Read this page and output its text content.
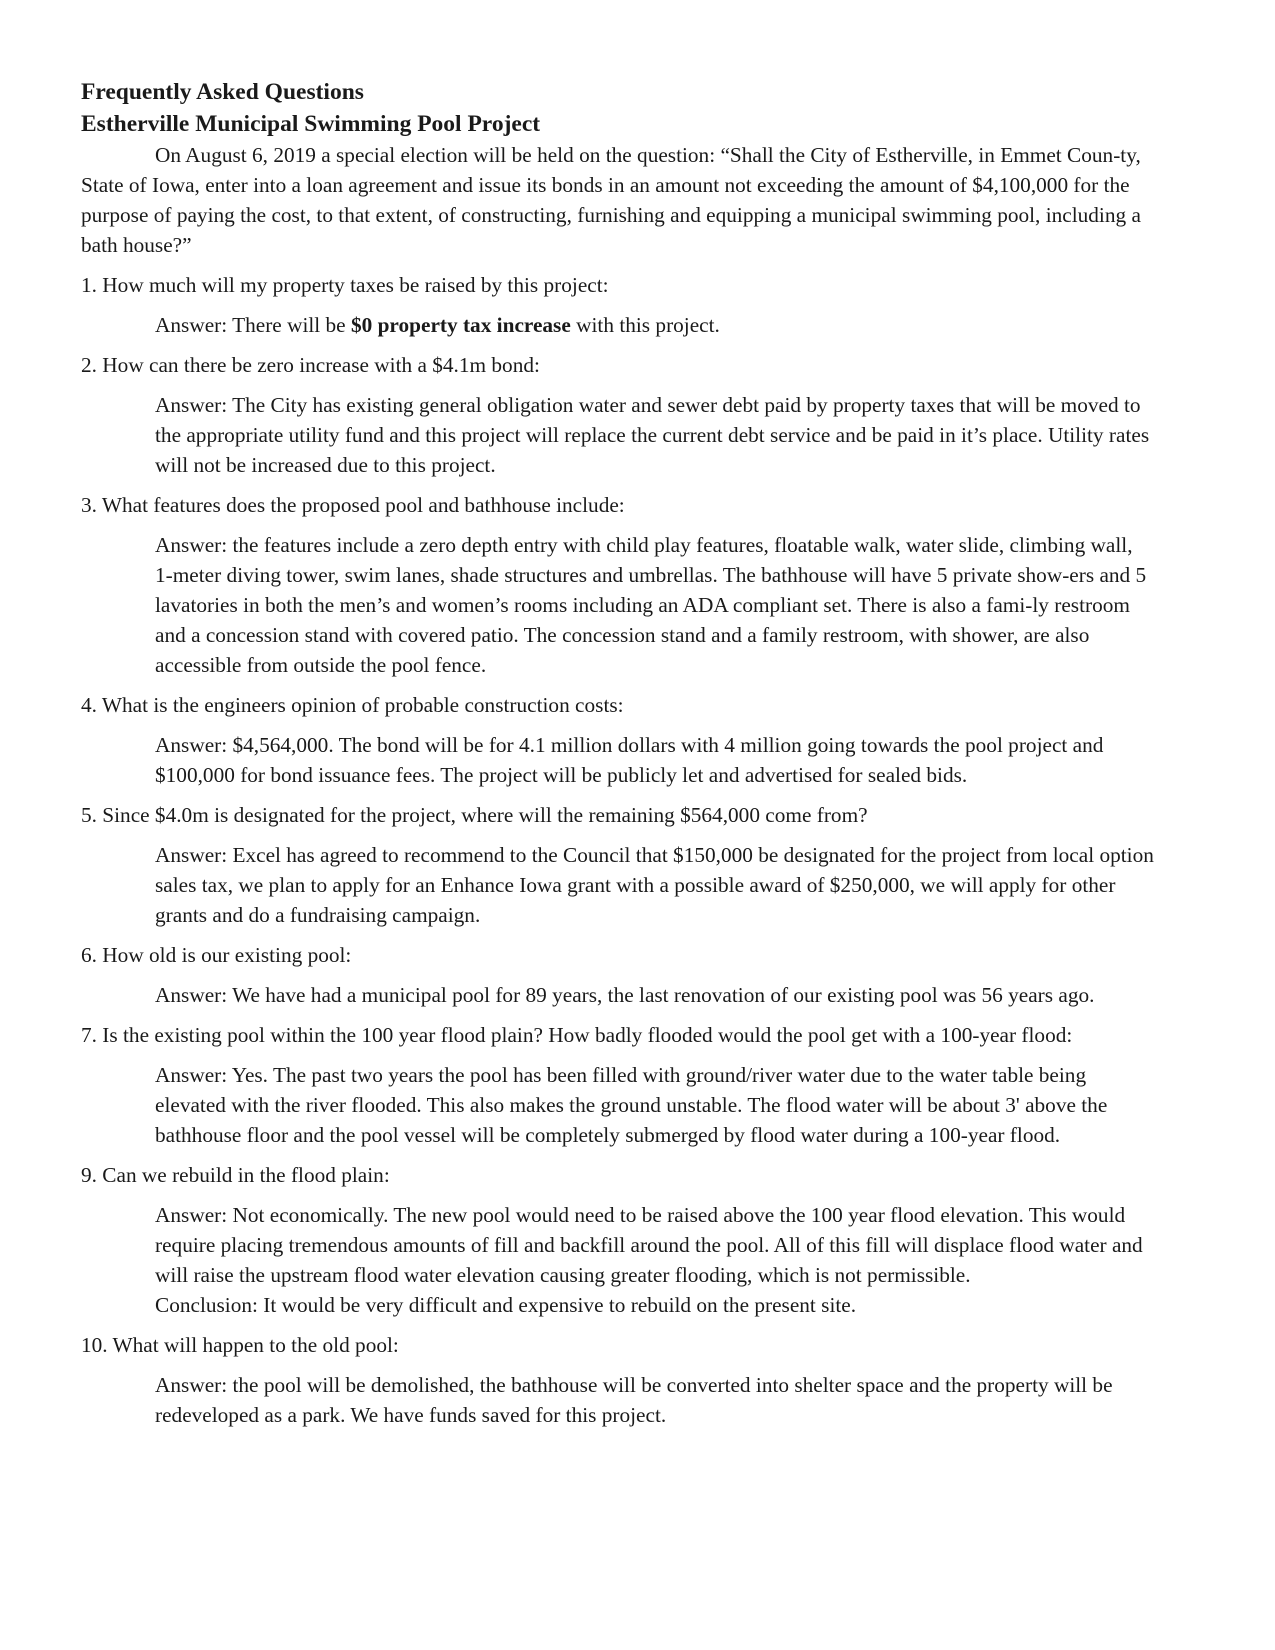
Frequently Asked Questions

Estherville Municipal Swimming Pool Project

On August 6, 2019 a special election will be held on the question: “Shall the City of Estherville, in Emmet Coun-ty, State of Iowa, enter into a loan agreement and issue its bonds in an amount not exceeding the amount of $4,100,000 for the purpose of paying the cost, to that extent, of constructing, furnishing and equipping a municipal swimming pool, including a bath house?”

1. How much will my property taxes be raised by this project:

Answer: There will be $0 property tax increase with this project.

2. How can there be zero increase with a $4.1m bond:

Answer: The City has existing general obligation water and sewer debt paid by property taxes that will be moved to the appropriate utility fund and this project will replace the current debt service and be paid in it’s place. Utility rates will not be increased due to this project.

3. What features does the proposed pool and bathhouse include:

Answer: the features include a zero depth entry with child play features, floatable walk, water slide, climbing wall, 1-meter diving tower, swim lanes, shade structures and umbrellas. The bathhouse will have 5 private show-ers and 5 lavatories in both the men’s and women’s rooms including an ADA compliant set. There is also a fami-ly restroom and a concession stand with covered patio. The concession stand and a family restroom, with shower, are also accessible from outside the pool fence.

4. What is the engineers opinion of probable construction costs:

Answer: $4,564,000. The bond will be for 4.1 million dollars with 4 million going towards the pool project and $100,000 for bond issuance fees. The project will be publicly let and advertised for sealed bids.

5. Since $4.0m is designated for the project, where will the remaining $564,000 come from?

Answer: Excel has agreed to recommend to the Council that $150,000 be designated for the project from local option sales tax, we plan to apply for an Enhance Iowa grant with a possible award of $250,000, we will apply for other grants and do a fundraising campaign.

6. How old is our existing pool:

Answer: We have had a municipal pool for 89 years, the last renovation of our existing pool was 56 years ago.

7. Is the existing pool within the 100 year flood plain? How badly flooded would the pool get with a 100-year flood:

Answer: Yes. The past two years the pool has been filled with ground/river water due to the water table being elevated with the river flooded. This also makes the ground unstable. The flood water will be about 3' above the bathhouse floor and the pool vessel will be completely submerged by flood water during a 100-year flood.

9. Can we rebuild in the flood plain:

Answer: Not economically. The new pool would need to be raised above the 100 year flood elevation. This would require placing tremendous amounts of fill and backfill around the pool. All of this fill will displace flood water and will raise the upstream flood water elevation causing greater flooding, which is not permissible.
Conclusion: It would be very difficult and expensive to rebuild on the present site.

10. What will happen to the old pool:

Answer: the pool will be demolished, the bathhouse will be converted into shelter space and the property will be redeveloped as a park. We have funds saved for this project.
